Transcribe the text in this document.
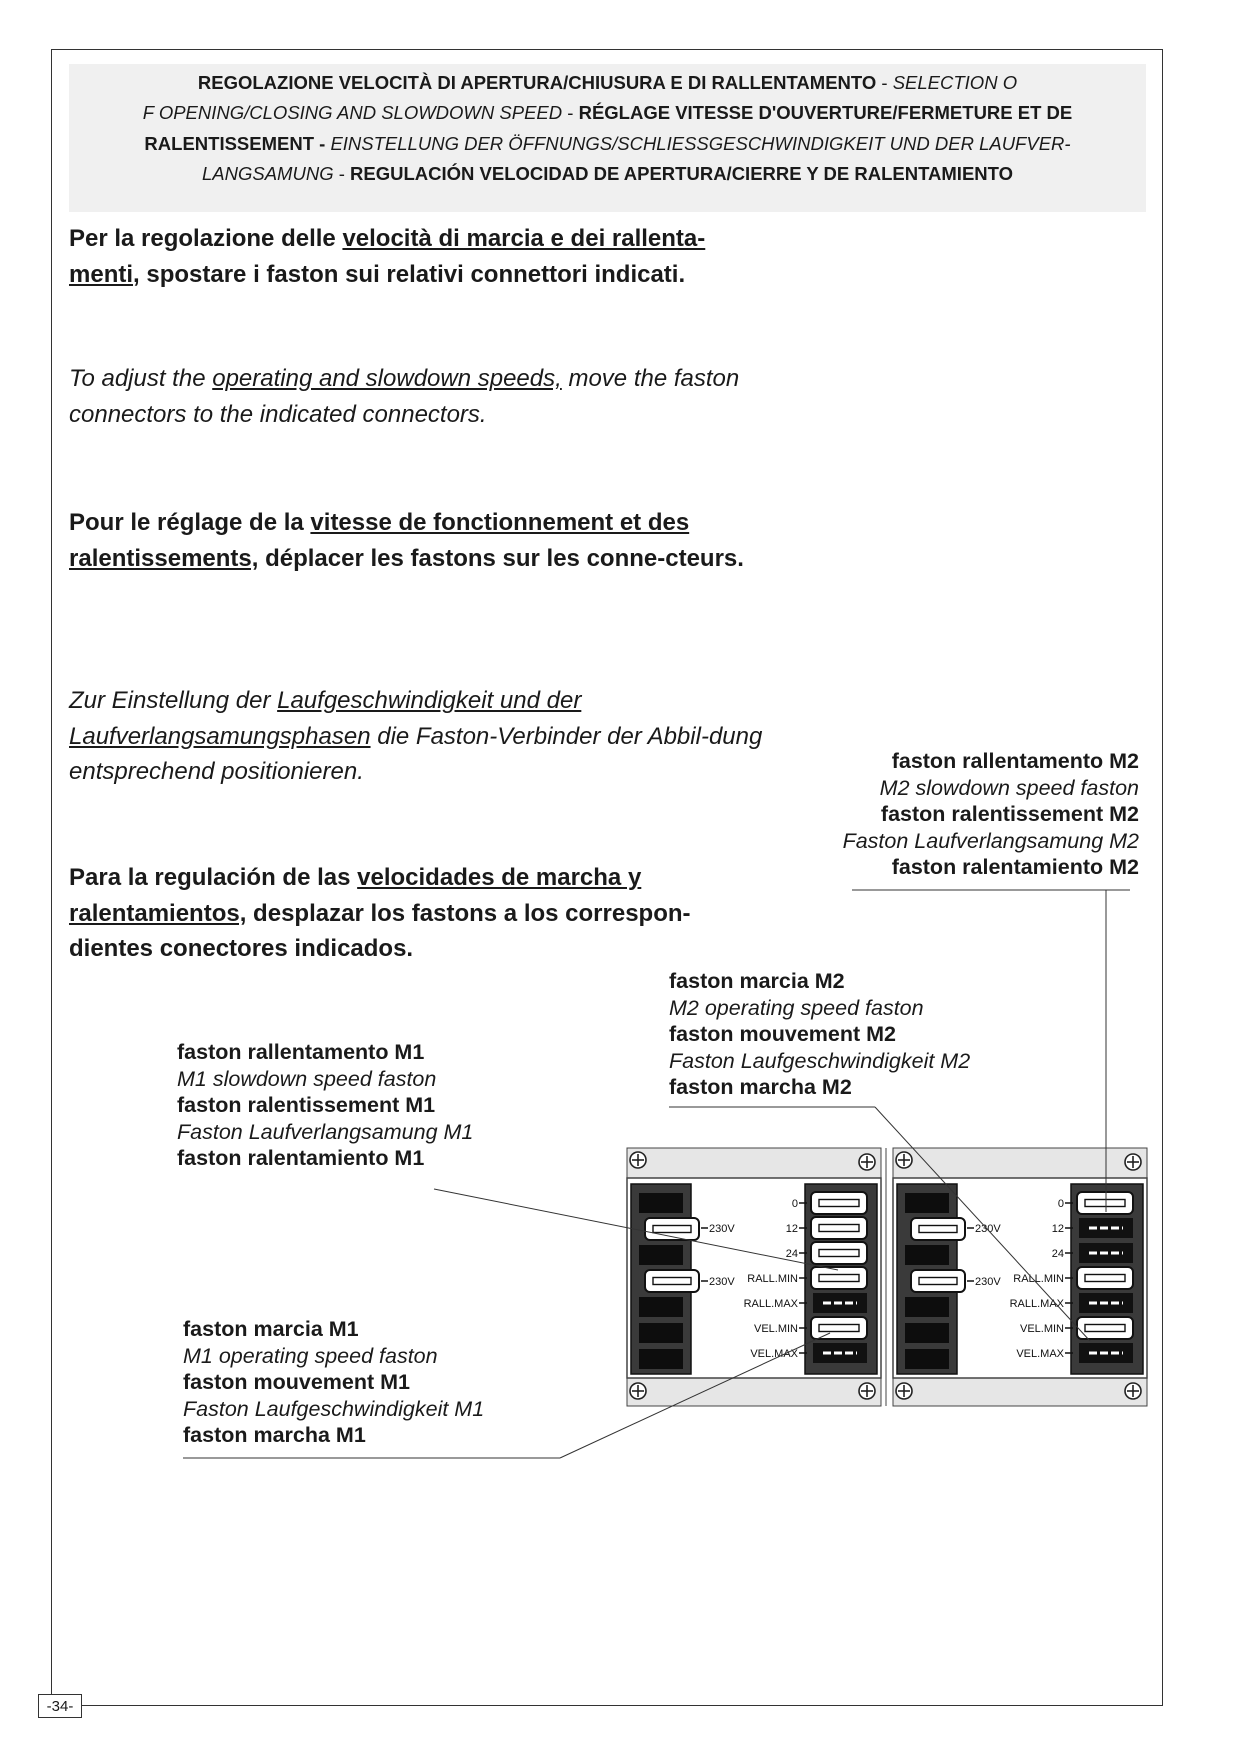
REGOLAZIONE VELOCITÀ DI APERTURA/CHIUSURA E DI RALLENTAMENTO - SELECTION O
F OPENING/CLOSING AND SLOWDOWN SPEED - RÉGLAGE VITESSE D'OUVERTURE/FERMETURE ET DE
RALENTISSEMENT - EINSTELLUNG DER ÖFFNUNGS/SCHLIESSGESCHWINDIGKEIT UND DER LAUFVER-
LANGSAMUNG - REGULACIÓN VELOCIDAD DE APERTURA/CIERRE Y DE RALENTAMIENTO
Per la regolazione delle velocità di marcia e dei rallenta-
menti, spostare i faston sui relativi connettori indicati.
To adjust the operating and slowdown speeds, move the faston connectors to the indicated connectors.
Pour le réglage de la vitesse de fonctionnement et des ralentissements, déplacer les fastons sur les conne-cteurs.
Zur Einstellung der Laufgeschwindigkeit und der Laufverlangsamungsphasen die Faston-Verbinder der Abbil-dung entsprechend positionieren.
Para la regulación de las velocidades de marcha y ralentamientos, desplazar los fastons a los correspon-dientes conectores indicados.
faston rallentamento M2
M2 slowdown speed faston
faston ralentissement M2
Faston Laufverlangsamung M2
faston ralentamiento M2
faston marcia M2
M2 operating speed faston
faston mouvement M2
Faston Laufgeschwindigkeit M2
faston marcha M2
faston rallentamento M1
M1 slowdown speed faston
faston ralentissement M1
Faston Laufverlangsamung M1
faston ralentamiento M1
faston marcia M1
M1 operating speed faston
faston mouvement M1
Faston Laufgeschwindigkeit M1
faston marcha M1
230V
230V
0
12
24
RALL.MIN
RALL.MAX
VEL.MIN
VEL.MAX
230V
230V
0
12
24
RALL.MIN
RALL.MAX
VEL.MIN
VEL.MAX
-34-
